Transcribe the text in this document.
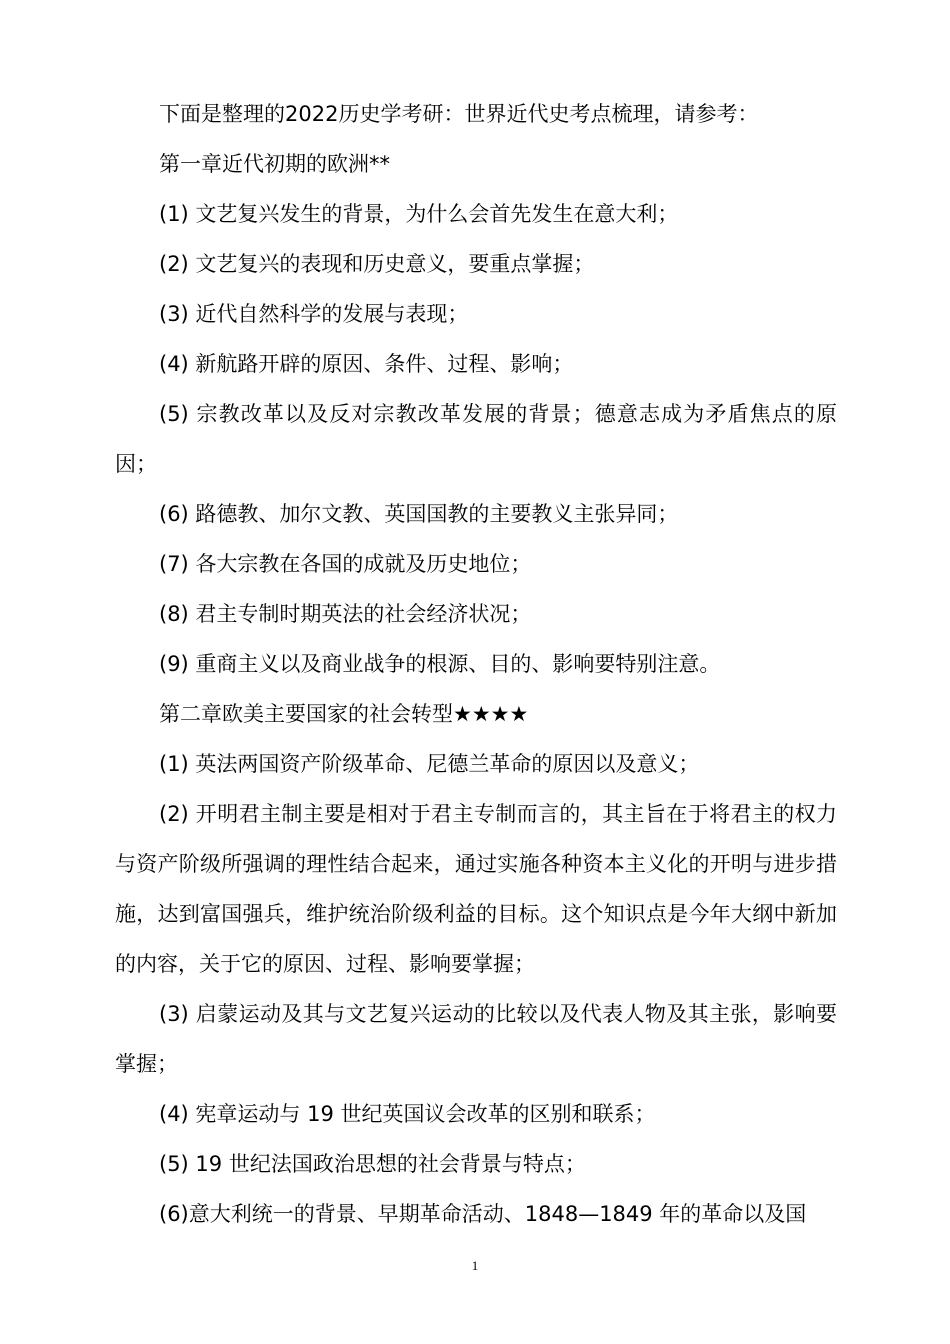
下面是整理的2022历史学考研：世界近代史考点梳理，请参考：

第一章近代初期的欧洲**

(1) 文艺复兴发生的背景，为什么会首先发生在意大利；

(2) 文艺复兴的表现和历史意义，要重点掌握；

(3) 近代自然科学的发展与表现；

(4) 新航路开辟的原因、条件、过程、影响；

(5) 宗教改革以及反对宗教改革发展的背景；德意志成为矛盾焦点的原因；

(6) 路德教、加尔文教、英国国教的主要教义主张异同；

(7) 各大宗教在各国的成就及历史地位；

(8) 君主专制时期英法的社会经济状况；

(9) 重商主义以及商业战争的根源、目的、影响要特别注意。

第二章欧美主要国家的社会转型★★★★

(1) 英法两国资产阶级革命、尼德兰革命的原因以及意义；

(2) 开明君主制主要是相对于君主专制而言的，其主旨在于将君主的权力与资产阶级所强调的理性结合起来，通过实施各种资本主义化的开明与进步措施，达到富国强兵，维护统治阶级利益的目标。这个知识点是今年大纲中新加的内容，关于它的原因、过程、影响要掌握；

(3) 启蒙运动及其与文艺复兴运动的比较以及代表人物及其主张，影响要掌握；

(4) 宪章运动与 19 世纪英国议会改革的区别和联系；

(5) 19 世纪法国政治思想的社会背景与特点；

(6)意大利统一的背景、早期革命活动、1848—1849 年的革命以及国

1
